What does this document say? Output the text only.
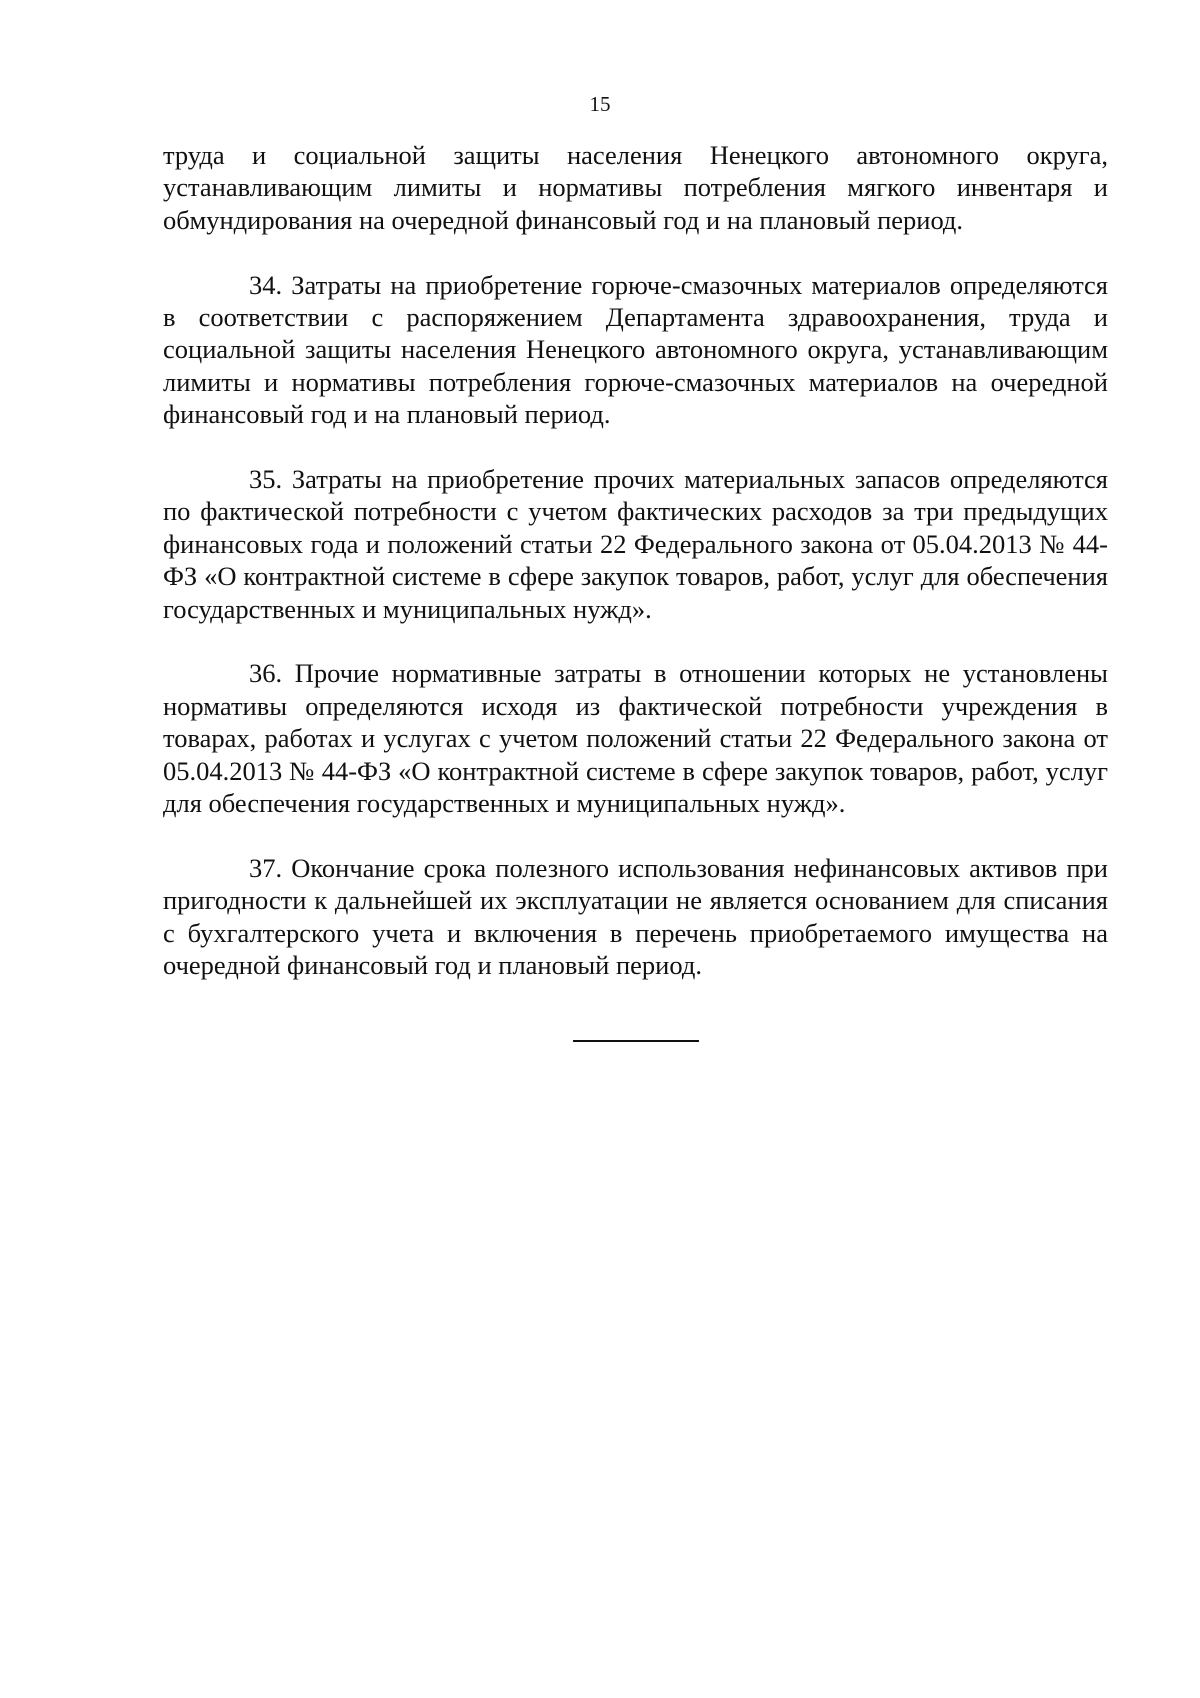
15

труда и социальной защиты населения Ненецкого автономного округа, устанавливающим лимиты и нормативы потребления мягкого инвентаря и обмундирования на очередной финансовый год и на плановый период.

34. Затраты на приобретение горюче-смазочных материалов определяются в соответствии с распоряжением Департамента здравоохранения, труда и социальной защиты населения Ненецкого автономного округа, устанавливающим лимиты и нормативы потребления горюче-смазочных материалов на очередной финансовый год и на плановый период.

35. Затраты на приобретение прочих материальных запасов определяются по фактической потребности с учетом фактических расходов за три предыдущих финансовых года и положений статьи 22 Федерального закона от 05.04.2013 № 44-ФЗ «О контрактной системе в сфере закупок товаров, работ, услуг для обеспечения государственных и муниципальных нужд».

36. Прочие нормативные затраты в отношении которых не установлены нормативы определяются исходя из фактической потребности учреждения в товарах, работах и услугах с учетом положений статьи 22 Федерального закона от 05.04.2013 № 44-ФЗ «О контрактной системе в сфере закупок товаров, работ, услуг для обеспечения государственных и муниципальных нужд».

37. Окончание срока полезного использования нефинансовых активов при пригодности к дальнейшей их эксплуатации не является основанием для списания с бухгалтерского учета и включения в перечень приобретаемого имущества на очередной финансовый год и плановый период.
